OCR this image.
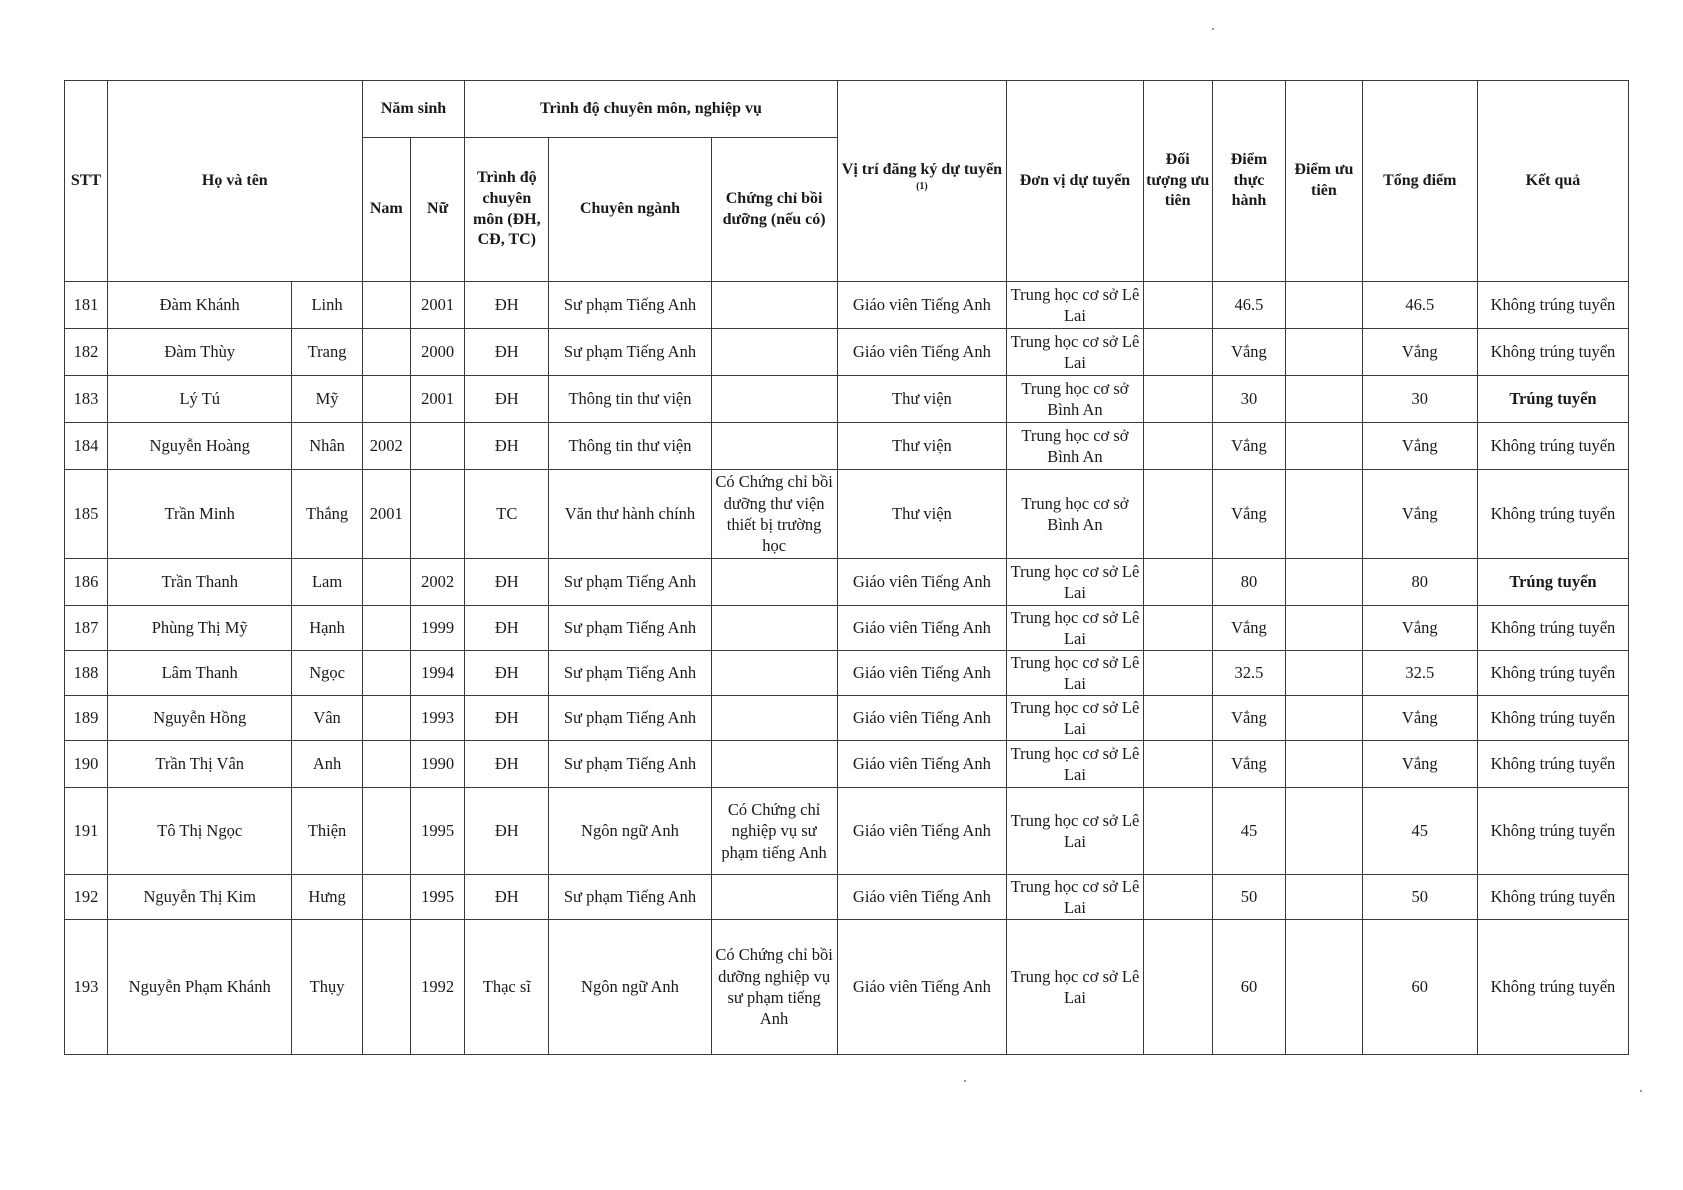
STT	Họ và tên		Năm sinh		Trình độ chuyên môn, nghiệp vụ			Vị trí đăng ký dự tuyển $^{(1)}$	Đơn vị dự tuyển	Đối tượng ưu tiên	Điểm thực hành	Điểm ưu tiên	Tổng điểm	Kết quả
			Nam	Nữ	Trình độ chuyên môn (ĐH, CĐ, TC)	Chuyên ngành	Chứng chỉ bồi dưỡng (nếu có)							
181	Đàm Khánh	Linh		2001	ĐH	Sư phạm Tiếng Anh		Giáo viên Tiếng Anh	Trung học cơ sở Lê Lai		46.5		46.5	Không trúng tuyển
182	Đàm Thùy	Trang		2000	ĐH	Sư phạm Tiếng Anh		Giáo viên Tiếng Anh	Trung học cơ sở Lê Lai		Vắng		Vắng	Không trúng tuyển
183	Lý Tú	Mỹ		2001	ĐH	Thông tin thư viện		Thư viện	Trung học cơ sở Bình An		30		30	Trúng tuyển
184	Nguyễn Hoàng	Nhân	2002		ĐH	Thông tin thư viện		Thư viện	Trung học cơ sở Bình An		Vắng		Vắng	Không trúng tuyển
185	Trần Minh	Thắng	2001		TC	Văn thư hành chính	Có Chứng chỉ bồi dưỡng thư viện thiết bị trường học	Thư viện	Trung học cơ sở Bình An		Vắng		Vắng	Không trúng tuyển
186	Trần Thanh	Lam		2002	ĐH	Sư phạm Tiếng Anh		Giáo viên Tiếng Anh	Trung học cơ sở Lê Lai		80		80	Trúng tuyển
187	Phùng Thị Mỹ	Hạnh		1999	ĐH	Sư phạm Tiếng Anh		Giáo viên Tiếng Anh	Trung học cơ sở Lê Lai		Vắng		Vắng	Không trúng tuyển
188	Lâm Thanh	Ngọc		1994	ĐH	Sư phạm Tiếng Anh		Giáo viên Tiếng Anh	Trung học cơ sở Lê Lai		32.5		32.5	Không trúng tuyển
189	Nguyễn Hồng	Vân		1993	ĐH	Sư phạm Tiếng Anh		Giáo viên Tiếng Anh	Trung học cơ sở Lê Lai		Vắng		Vắng	Không trúng tuyển
190	Trần Thị Vân	Anh		1990	ĐH	Sư phạm Tiếng Anh		Giáo viên Tiếng Anh	Trung học cơ sở Lê Lai		Vắng		Vắng	Không trúng tuyển
191	Tô Thị Ngọc	Thiện		1995	ĐH	Ngôn ngữ Anh	Có Chứng chỉ nghiệp vụ sư phạm tiếng Anh	Giáo viên Tiếng Anh	Trung học cơ sở Lê Lai		45		45	Không trúng tuyển
192	Nguyễn Thị Kim	Hưng		1995	ĐH	Sư phạm Tiếng Anh		Giáo viên Tiếng Anh	Trung học cơ sở Lê Lai		50		50	Không trúng tuyển
193	Nguyễn Phạm Khánh	Thụy		1992	Thạc sĩ	Ngôn ngữ Anh	Có Chứng chỉ bồi dưỡng nghiệp vụ sư phạm tiếng Anh	Giáo viên Tiếng Anh	Trung học cơ sở Lê Lai		60		60	Không trúng tuyển
